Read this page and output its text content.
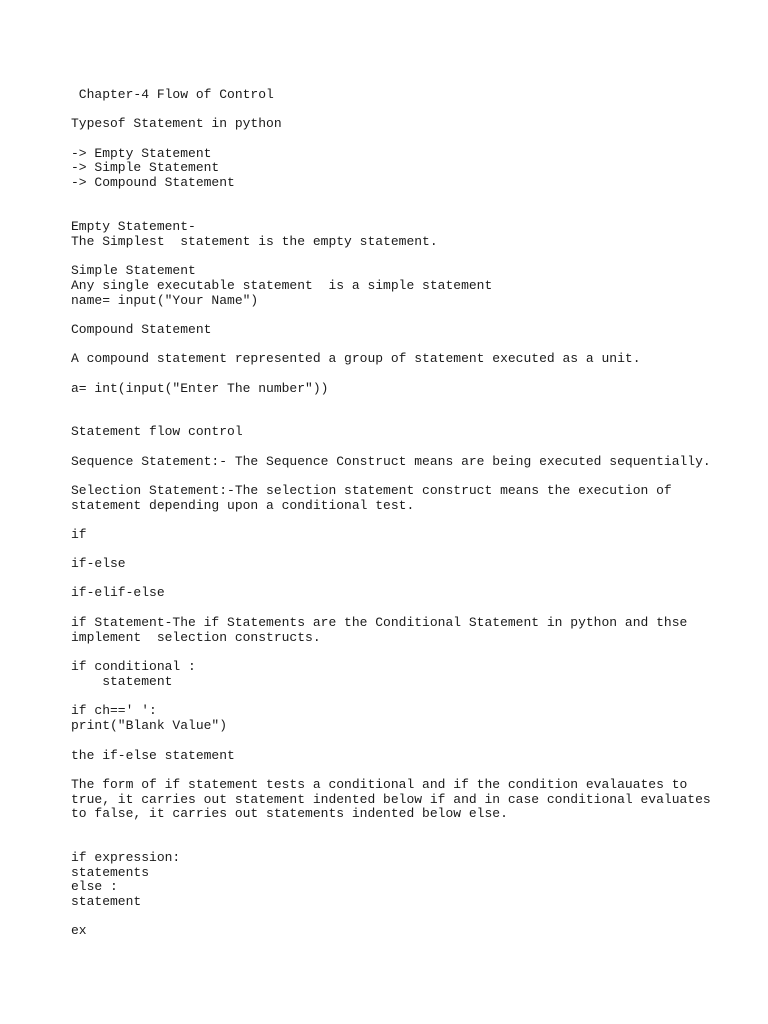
Chapter-4 Flow of Control
Typesof Statement in python
-> Empty Statement
-> Simple Statement
-> Compound Statement
Empty Statement-
The Simplest  statement is the empty statement.
Simple Statement
Any single executable statement  is a simple statement
name= input("Your Name")
Compound Statement
A compound statement represented a group of statement executed as a unit.
a= int(input("Enter The number"))
Statement flow control
Sequence Statement:- The Sequence Construct means are being executed sequentially.
Selection Statement:-The selection statement construct means the execution of
statement depending upon a conditional test.
if
if-else
if-elif-else
if Statement-The if Statements are the Conditional Statement in python and thse
implement  selection constructs.
if conditional :
statement
if ch==' ':
print("Blank Value")
the if-else statement
The form of if statement tests a conditional and if the condition evalauates to
true, it carries out statement indented below if and in case conditional evaluates
to false, it carries out statements indented below else.
if expression:
statements
else :
statement
ex
